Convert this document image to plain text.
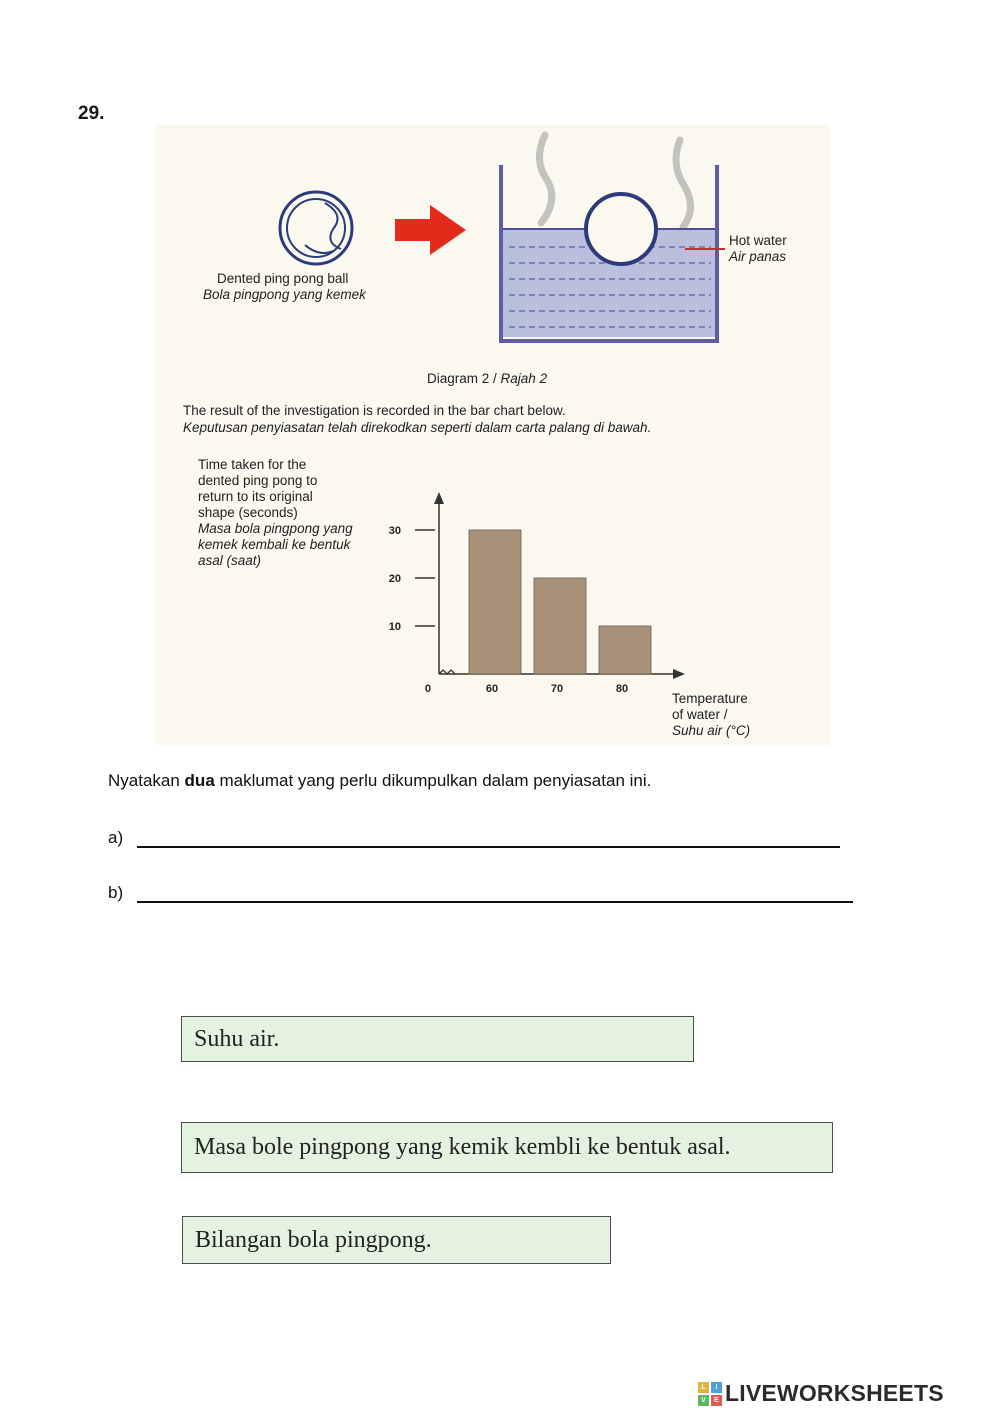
29.
Dented ping pong ball
Bola pingpong yang kemek
Hot water
Air panas
Diagram 2 / Rajah 2
The result of the investigation is recorded in the bar chart below.
Keputusan penyiasatan telah direkodkan seperti dalam carta palang di bawah.
Time taken for the
dented ping pong to
return to its original
shape (seconds)
Masa bola pingpong yang
kemek kembali ke bentuk
asal (saat)
30
20
10
0	60	70	80
Temperature
of water /
Suhu air (°C)
Nyatakan dua maklumat yang perlu dikumpulkan dalam penyiasatan ini.
a)
b)
Suhu air.
Masa bole pingpong yang kemik kembli ke bentuk asal.
Bilangan bola pingpong.
L	I
V	E LIVEWORKSHEETS
